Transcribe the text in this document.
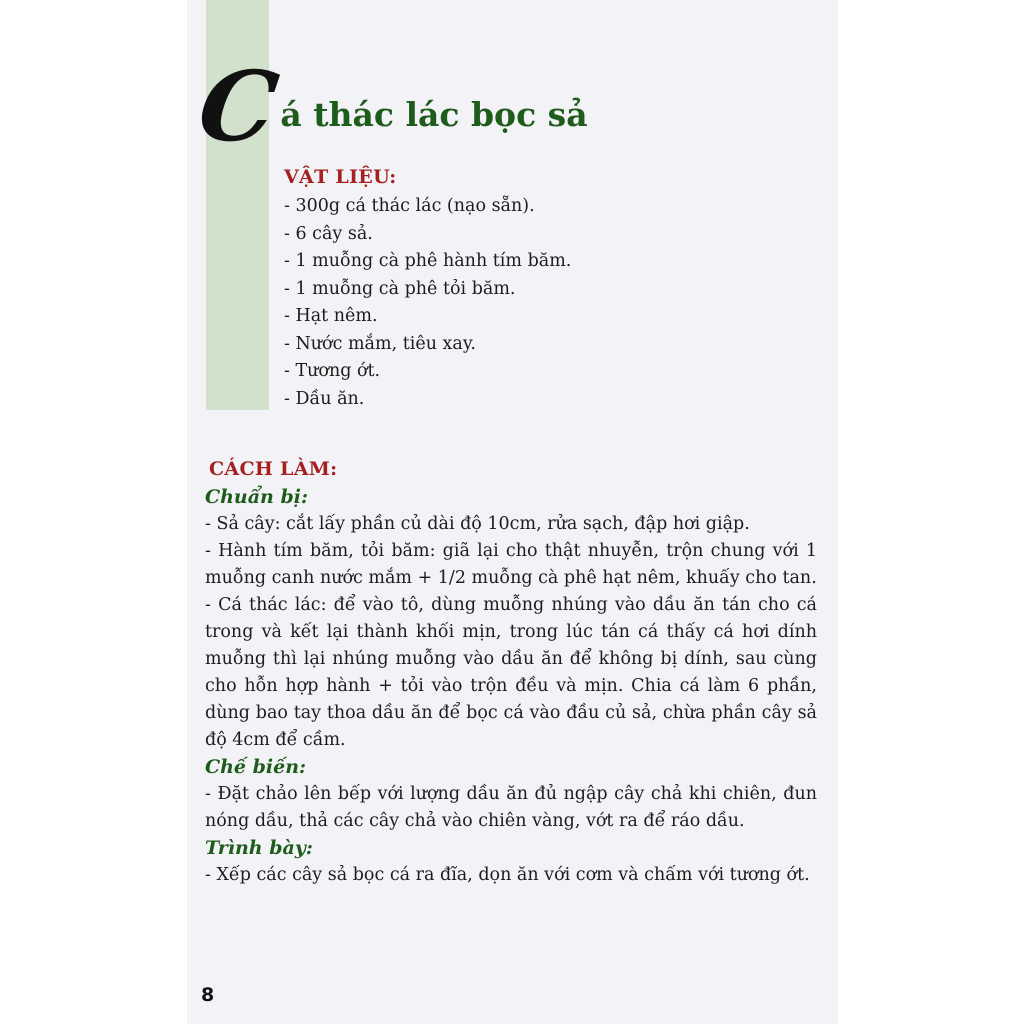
C
á thác lác bọc sả
VẬT LIỆU:
- 300g cá thác lác (nạo sẵn).
- 6 cây sả.
- 1 muỗng cà phê hành tím băm.
- 1 muỗng cà phê tỏi băm.
- Hạt nêm.
- Nước mắm, tiêu xay.
- Tương ớt.
- Dầu ăn.
CÁCH LÀM:
Chuẩn bị:
- Sả cây: cắt lấy phần củ dài độ 10cm, rửa sạch, đập hơi giập.
- Hành tím băm, tỏi băm: giã lại cho thật nhuyễn, trộn chung với 1 muỗng canh nước mắm + 1/2 muỗng cà phê hạt nêm, khuấy cho tan.
- Cá thác lác: để vào tô, dùng muỗng nhúng vào dầu ăn tán cho cá trong và kết lại thành khối mịn, trong lúc tán cá thấy cá hơi dính muỗng thì lại nhúng muỗng vào dầu ăn để không bị dính, sau cùng cho hỗn hợp hành + tỏi vào trộn đều và mịn. Chia cá làm 6 phần, dùng bao tay thoa dầu ăn để bọc cá vào đầu củ sả, chừa phần cây sả độ 4cm để cầm.
Chế biến:
- Đặt chảo lên bếp với lượng dầu ăn đủ ngập cây chả khi chiên, đun nóng dầu, thả các cây chả vào chiên vàng, vớt ra để ráo dầu.
Trình bày:
- Xếp các cây sả bọc cá ra đĩa, dọn ăn với cơm và chấm với tương ớt.
8
